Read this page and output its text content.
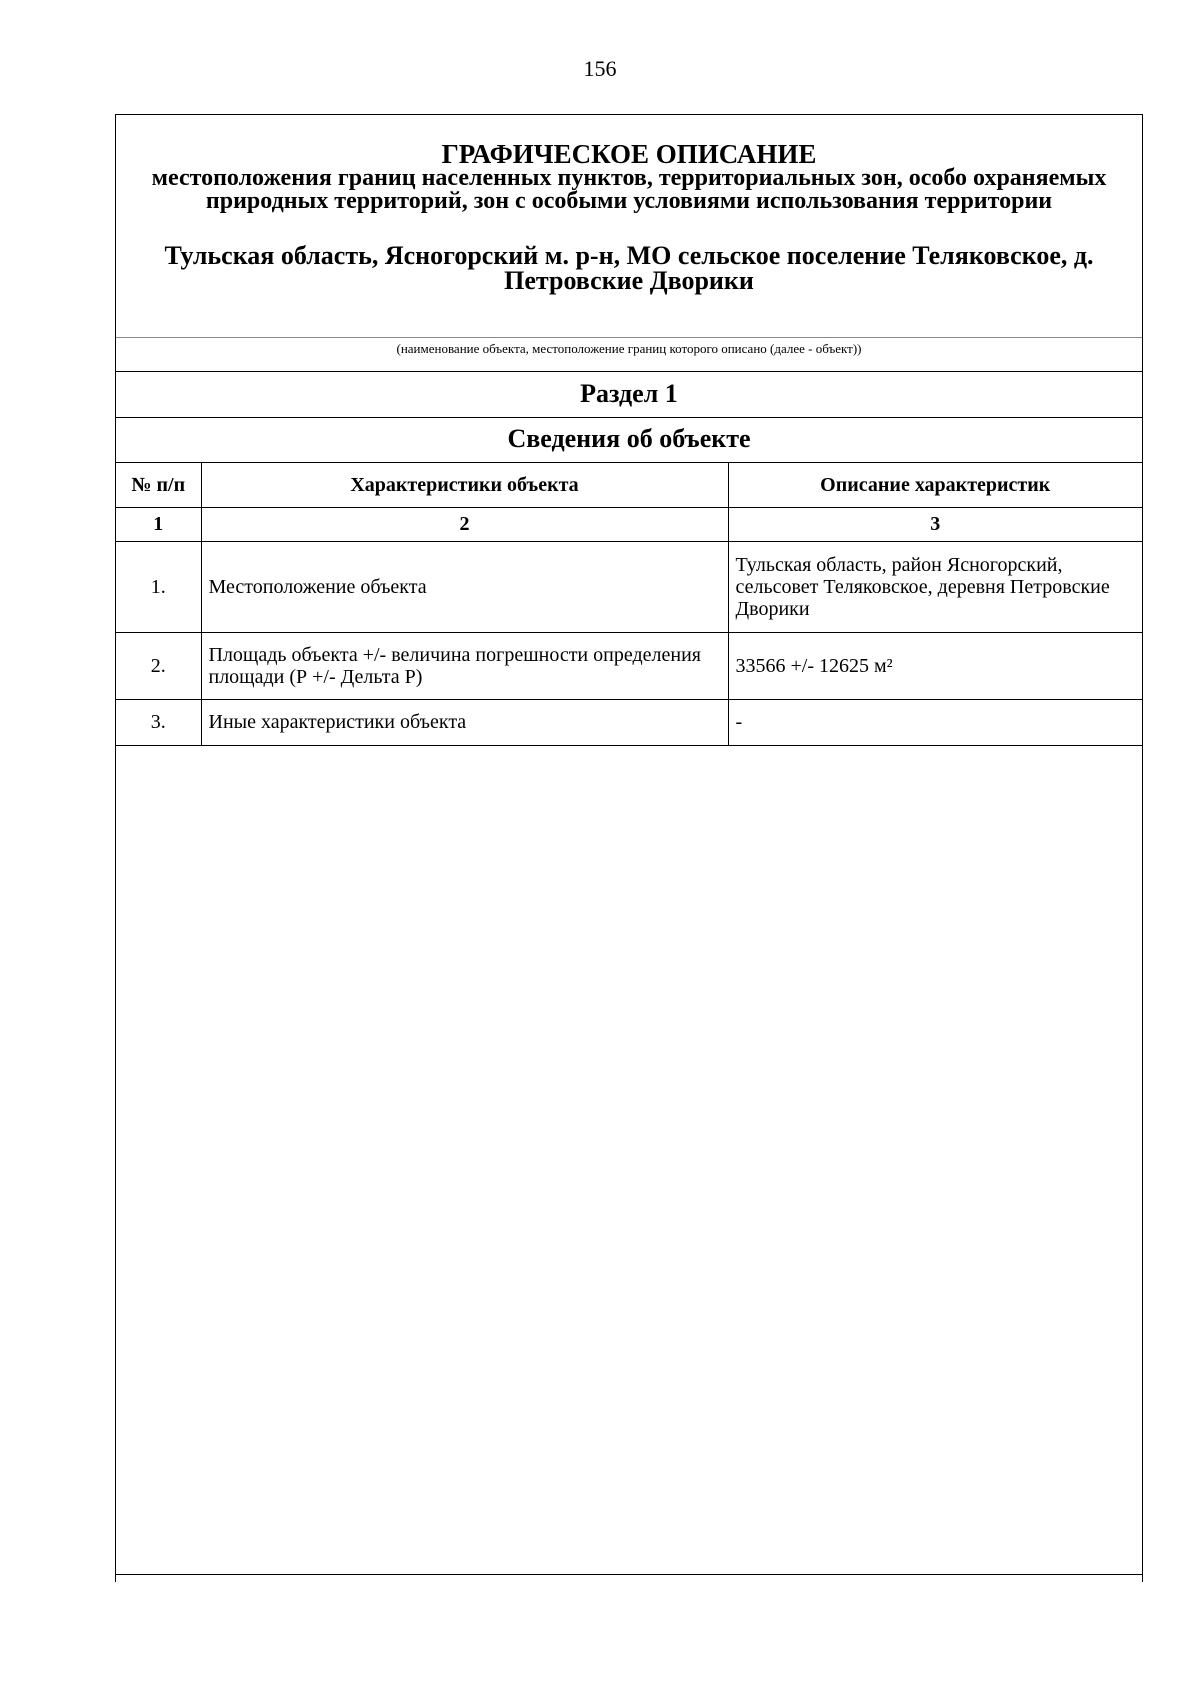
156
ГРАФИЧЕСКОЕ ОПИСАНИЕ
местоположения границ населенных пунктов, территориальных зон, особо охраняемых природных территорий, зон с особыми условиями использования территории
Тульская область, Ясногорский м. р-н, МО сельское поселение Теляковское, д. Петровские Дворики
(наименование объекта, местоположение границ которого описано (далее - объект))
Раздел 1
Сведения об объекте
№ п/п	Характеристики объекта	Описание характеристик
1	2	3
1.	Местоположение объекта	Тульская область, район Ясногорский, сельсовет Теляковское, деревня Петровские Дворики

2.	Площадь объекта +/- величина погрешности определения площади (Р +/- Дельта Р)	33566 +/- 12625 м²
3.	Иные характеристики объекта	-
